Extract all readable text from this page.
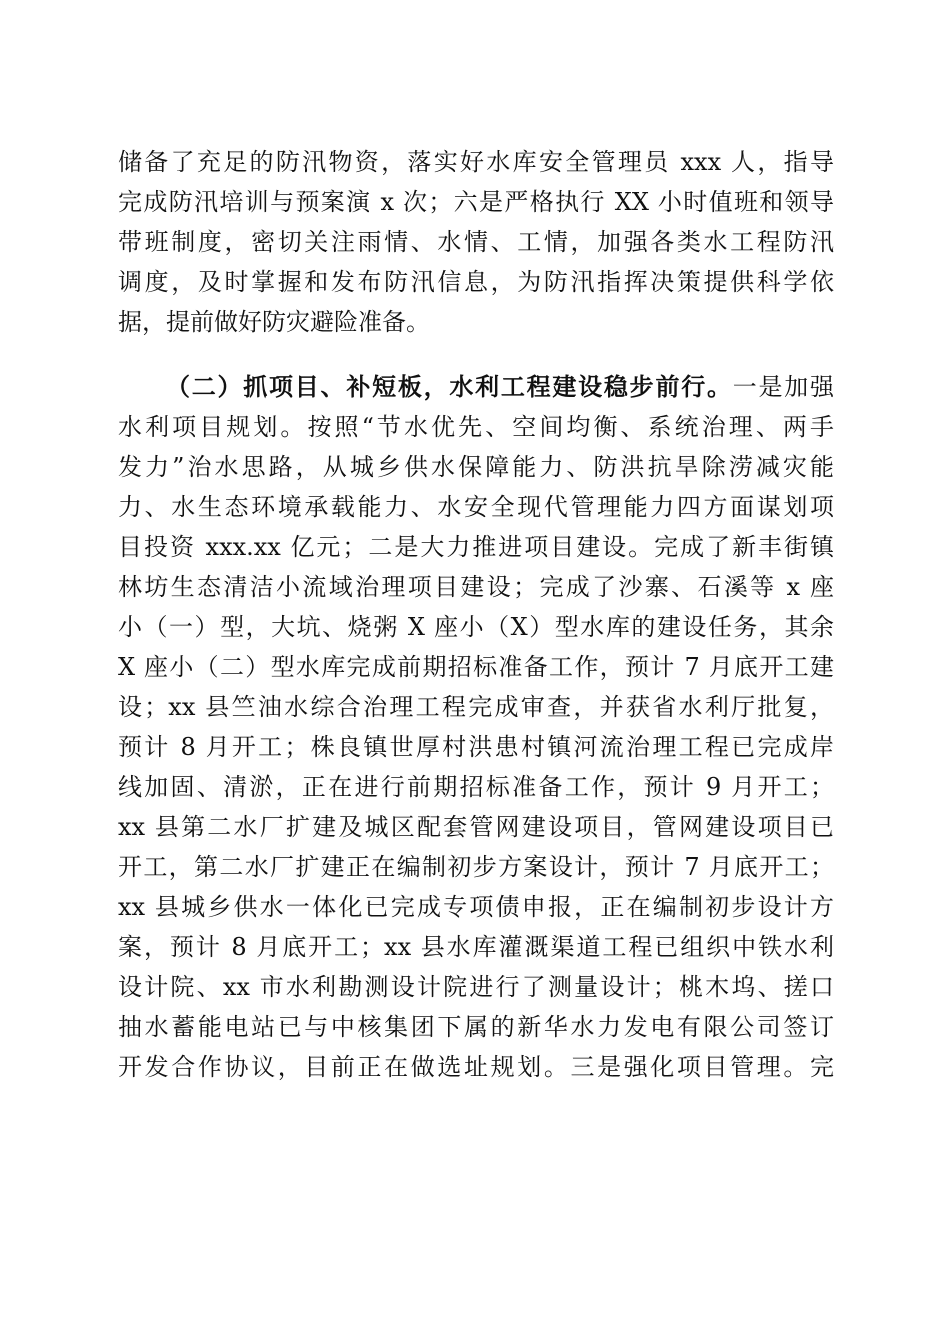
储备了充足的防汛物资，落实好水库安全管理员 xxx 人，指导
完成防汛培训与预案演 x 次；六是严格执行 XX 小时值班和领导
带班制度，密切关注雨情、水情、工情，加强各类水工程防汛
调度，及时掌握和发布防汛信息，为防汛指挥决策提供科学依
据，提前做好防灾避险准备。
（二）抓项目、补短板，水利工程建设稳步前行。一是加强
水利项目规划。按照“节水优先、空间均衡、系统治理、两手
发力”治水思路，从城乡供水保障能力、防洪抗旱除涝减灾能
力、水生态环境承载能力、水安全现代管理能力四方面谋划项
目投资 xxx.xx 亿元；二是大力推进项目建设。完成了新丰街镇
林坊生态清洁小流域治理项目建设；完成了沙寨、石溪等 x 座
小（一）型，大坑、烧粥 X 座小（X）型水库的建设任务，其余
X 座小（二）型水库完成前期招标准备工作，预计 7 月底开工建
设；xx 县竺油水综合治理工程完成审查，并获省水利厅批复，
预计 8 月开工；株良镇世厚村洪患村镇河流治理工程已完成岸
线加固、清淤，正在进行前期招标准备工作，预计 9 月开工；
xx 县第二水厂扩建及城区配套管网建设项目，管网建设项目已
开工，第二水厂扩建正在编制初步方案设计，预计 7 月底开工；
xx 县城乡供水一体化已完成专项债申报，正在编制初步设计方
案，预计 8 月底开工；xx 县水库灌溉渠道工程已组织中铁水利
设计院、xx 市水利勘测设计院进行了测量设计；桃木坞、搓口
抽水蓄能电站已与中核集团下属的新华水力发电有限公司签订
开发合作协议，目前正在做选址规划。三是强化项目管理。完
